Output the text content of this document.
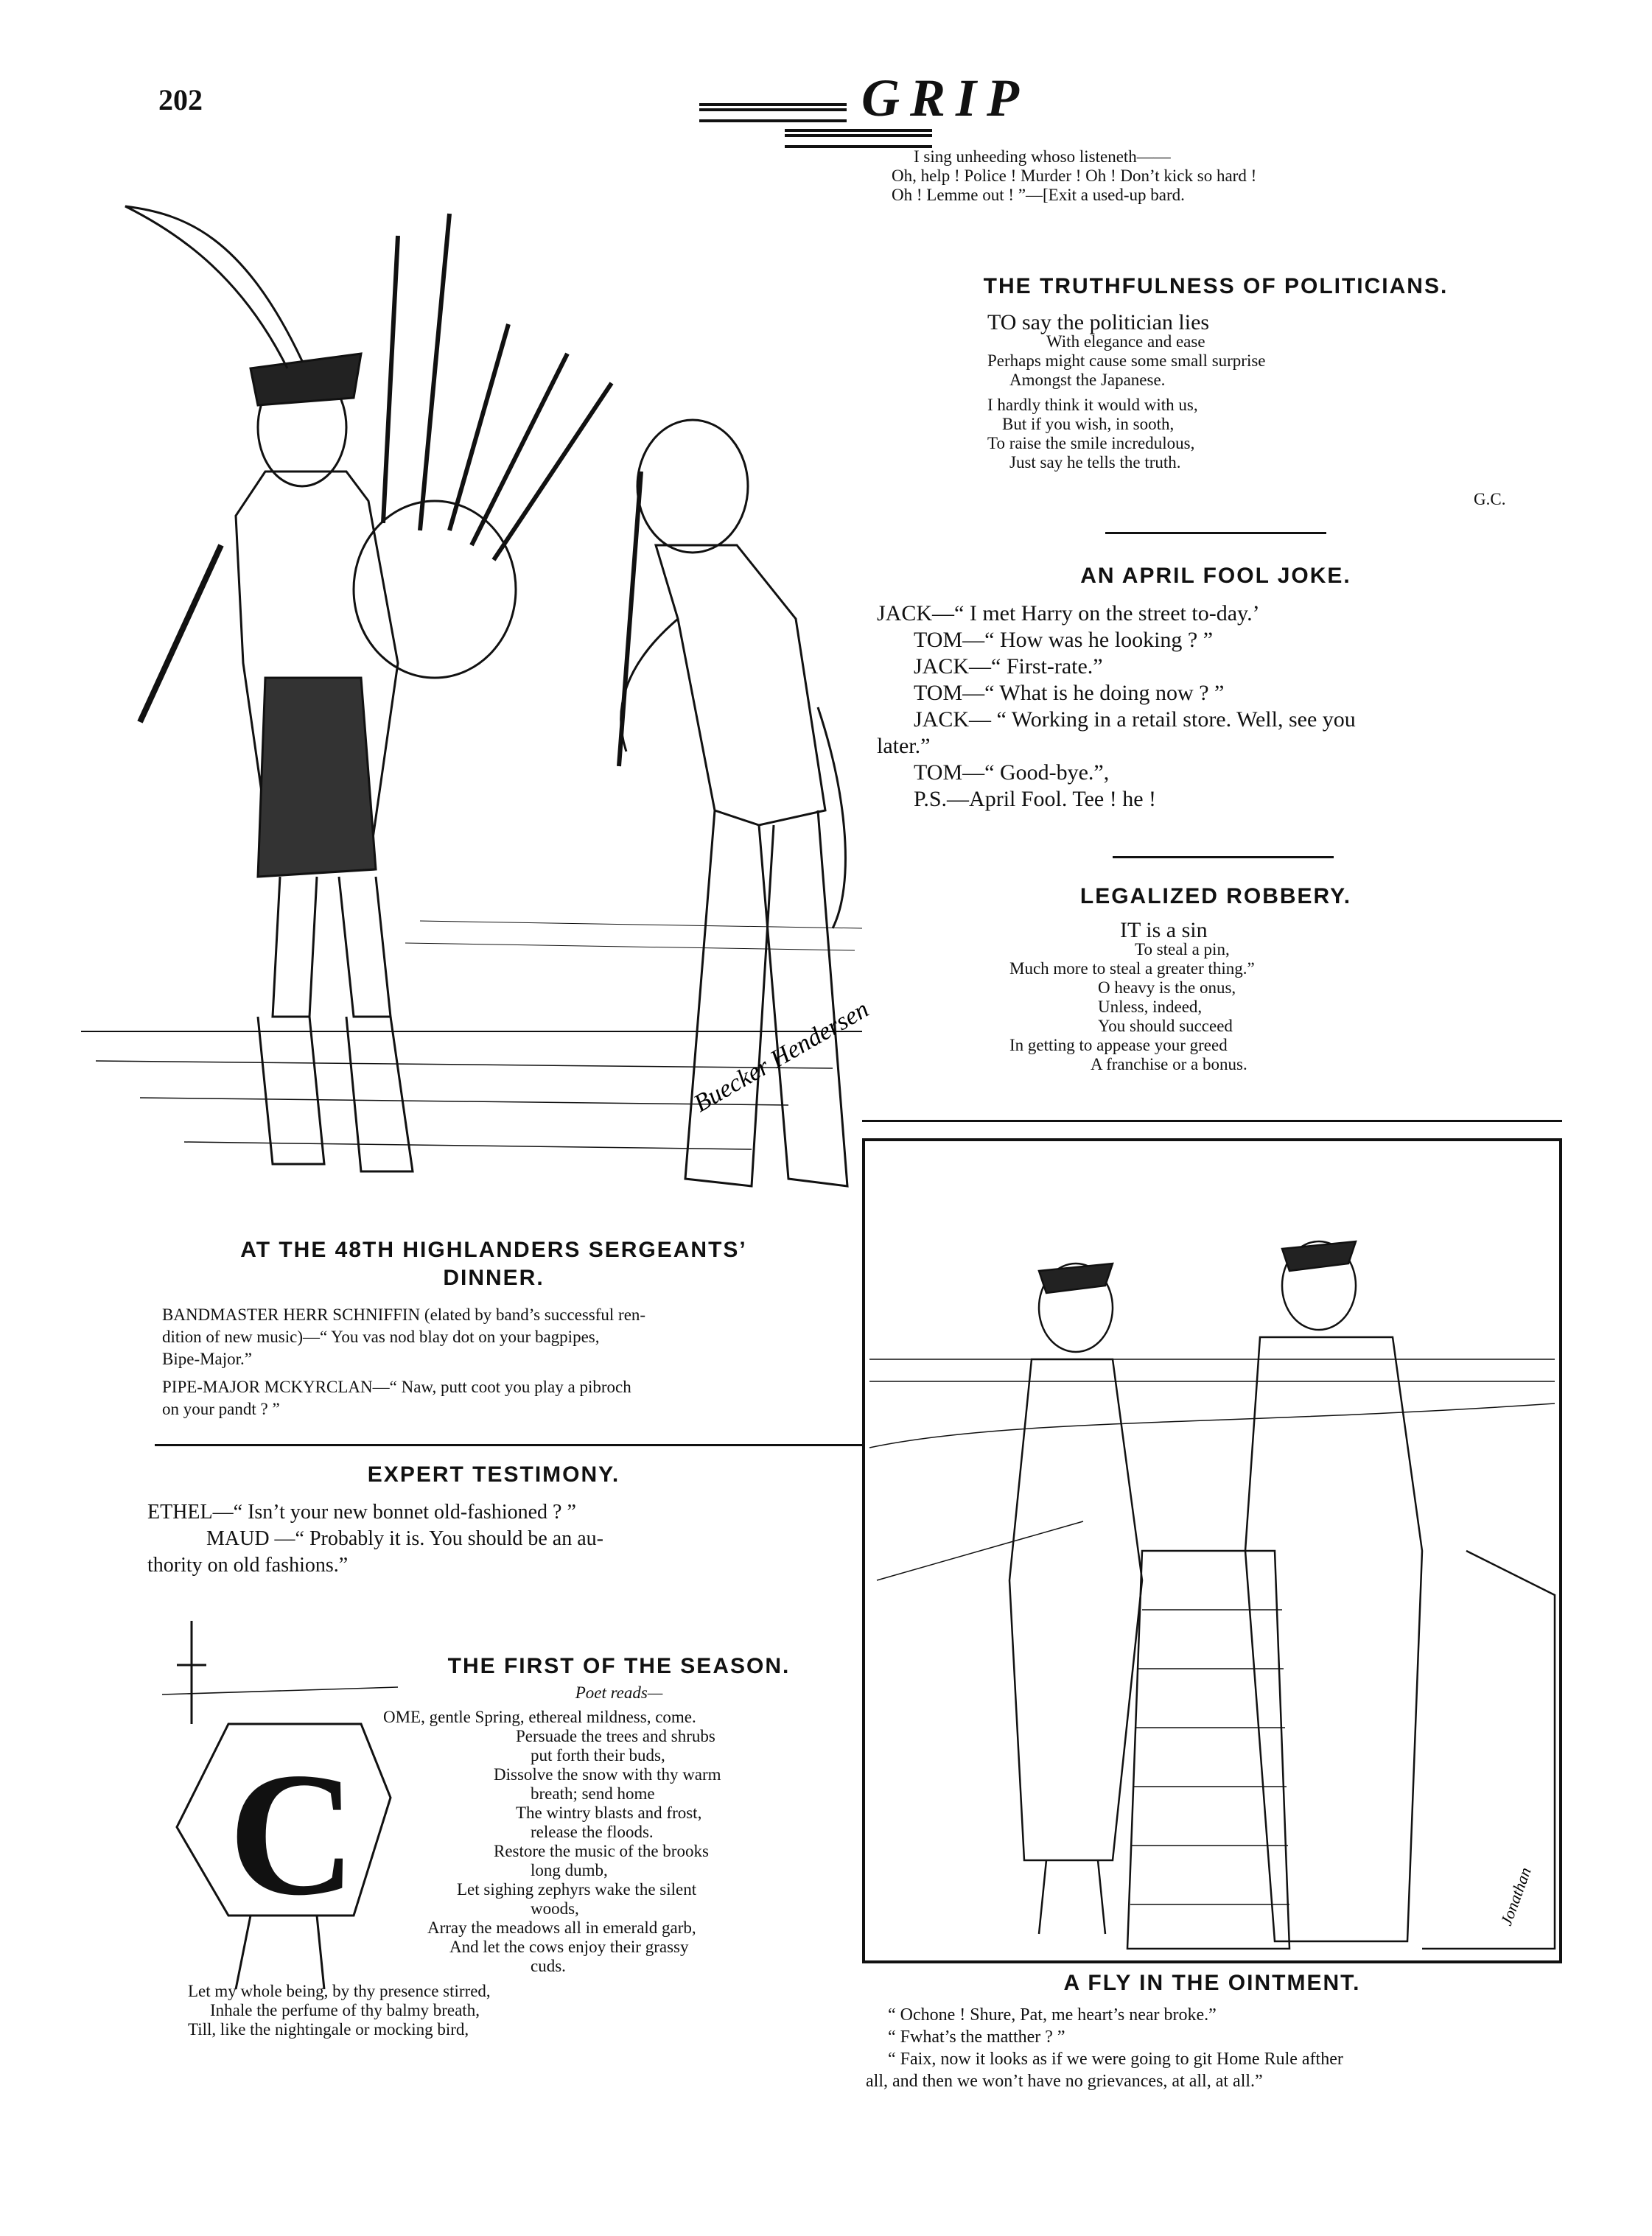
202	GRIP
Buecker Hendersen
AT THE 48TH HIGHLANDERS SERGEANTS’
DINNER.
BANDMASTER HERR SCHNIFFIN (elated by band’s successful ren-
dition of new music)—“ You vas nod blay dot on your bagpipes,
Bipe-Major.”
PIPE-MAJOR MCKYRCLAN—“ Naw, putt coot you play a pibroch
on your pandt ? ”
EXPERT TESTIMONY.
ETHEL—“ Isn’t your new bonnet old-fashioned ? ”
MAUD —“ Probably it is. You should be an au-
thority on old fashions.”
C
THE FIRST OF THE SEASON.
Poet reads—
OME, gentle Spring, ethereal mildness, come.
Persuade the trees and shrubs
put forth their buds,
Dissolve the snow with thy warm
breath; send home
The wintry blasts and frost,
release the floods.
Restore the music of the brooks
long dumb,
Let sighing zephyrs wake the silent
woods,
Array the meadows all in emerald garb,
And let the cows enjoy their grassy
cuds.
Let my whole being, by thy presence stirred,
Inhale the perfume of thy balmy breath,
Till, like the nightingale or mocking bird,
I sing unheeding whoso listeneth——
Oh, help ! Police ! Murder ! Oh ! Don’t kick so hard !
Oh ! Lemme out ! ”—[Exit a used-up bard.
THE TRUTHFULNESS OF POLITICIANS.
TO say the politician lies
With elegance and ease
Perhaps might cause some small surprise
Amongst the Japanese.
I hardly think it would with us,
But if you wish, in sooth,
To raise the smile incredulous,
Just say he tells the truth.
G.C.
AN APRIL FOOL JOKE.
JACK—“ I met Harry on the street to-day.’
TOM—“ How was he looking ? ”
JACK—“ First-rate.”
TOM—“ What is he doing now ? ”
JACK— “ Working in a retail store. Well, see you
later.”
TOM—“ Good-bye.”,
P.S.—April Fool. Tee ! he !
LEGALIZED ROBBERY.
IT is a sin
To steal a pin,
Much more to steal a greater thing.”
O heavy is the onus,
Unless, indeed,
You should succeed
In getting to appease your greed
A franchise or a bonus.
Jonathan
A FLY IN THE OINTMENT.
“ Ochone ! Shure, Pat, me heart’s near broke.”
“ Fwhat’s the matther ? ”
“ Faix, now it looks as if we were going to git Home Rule afther
all, and then we won’t have no grievances, at all, at all.”
